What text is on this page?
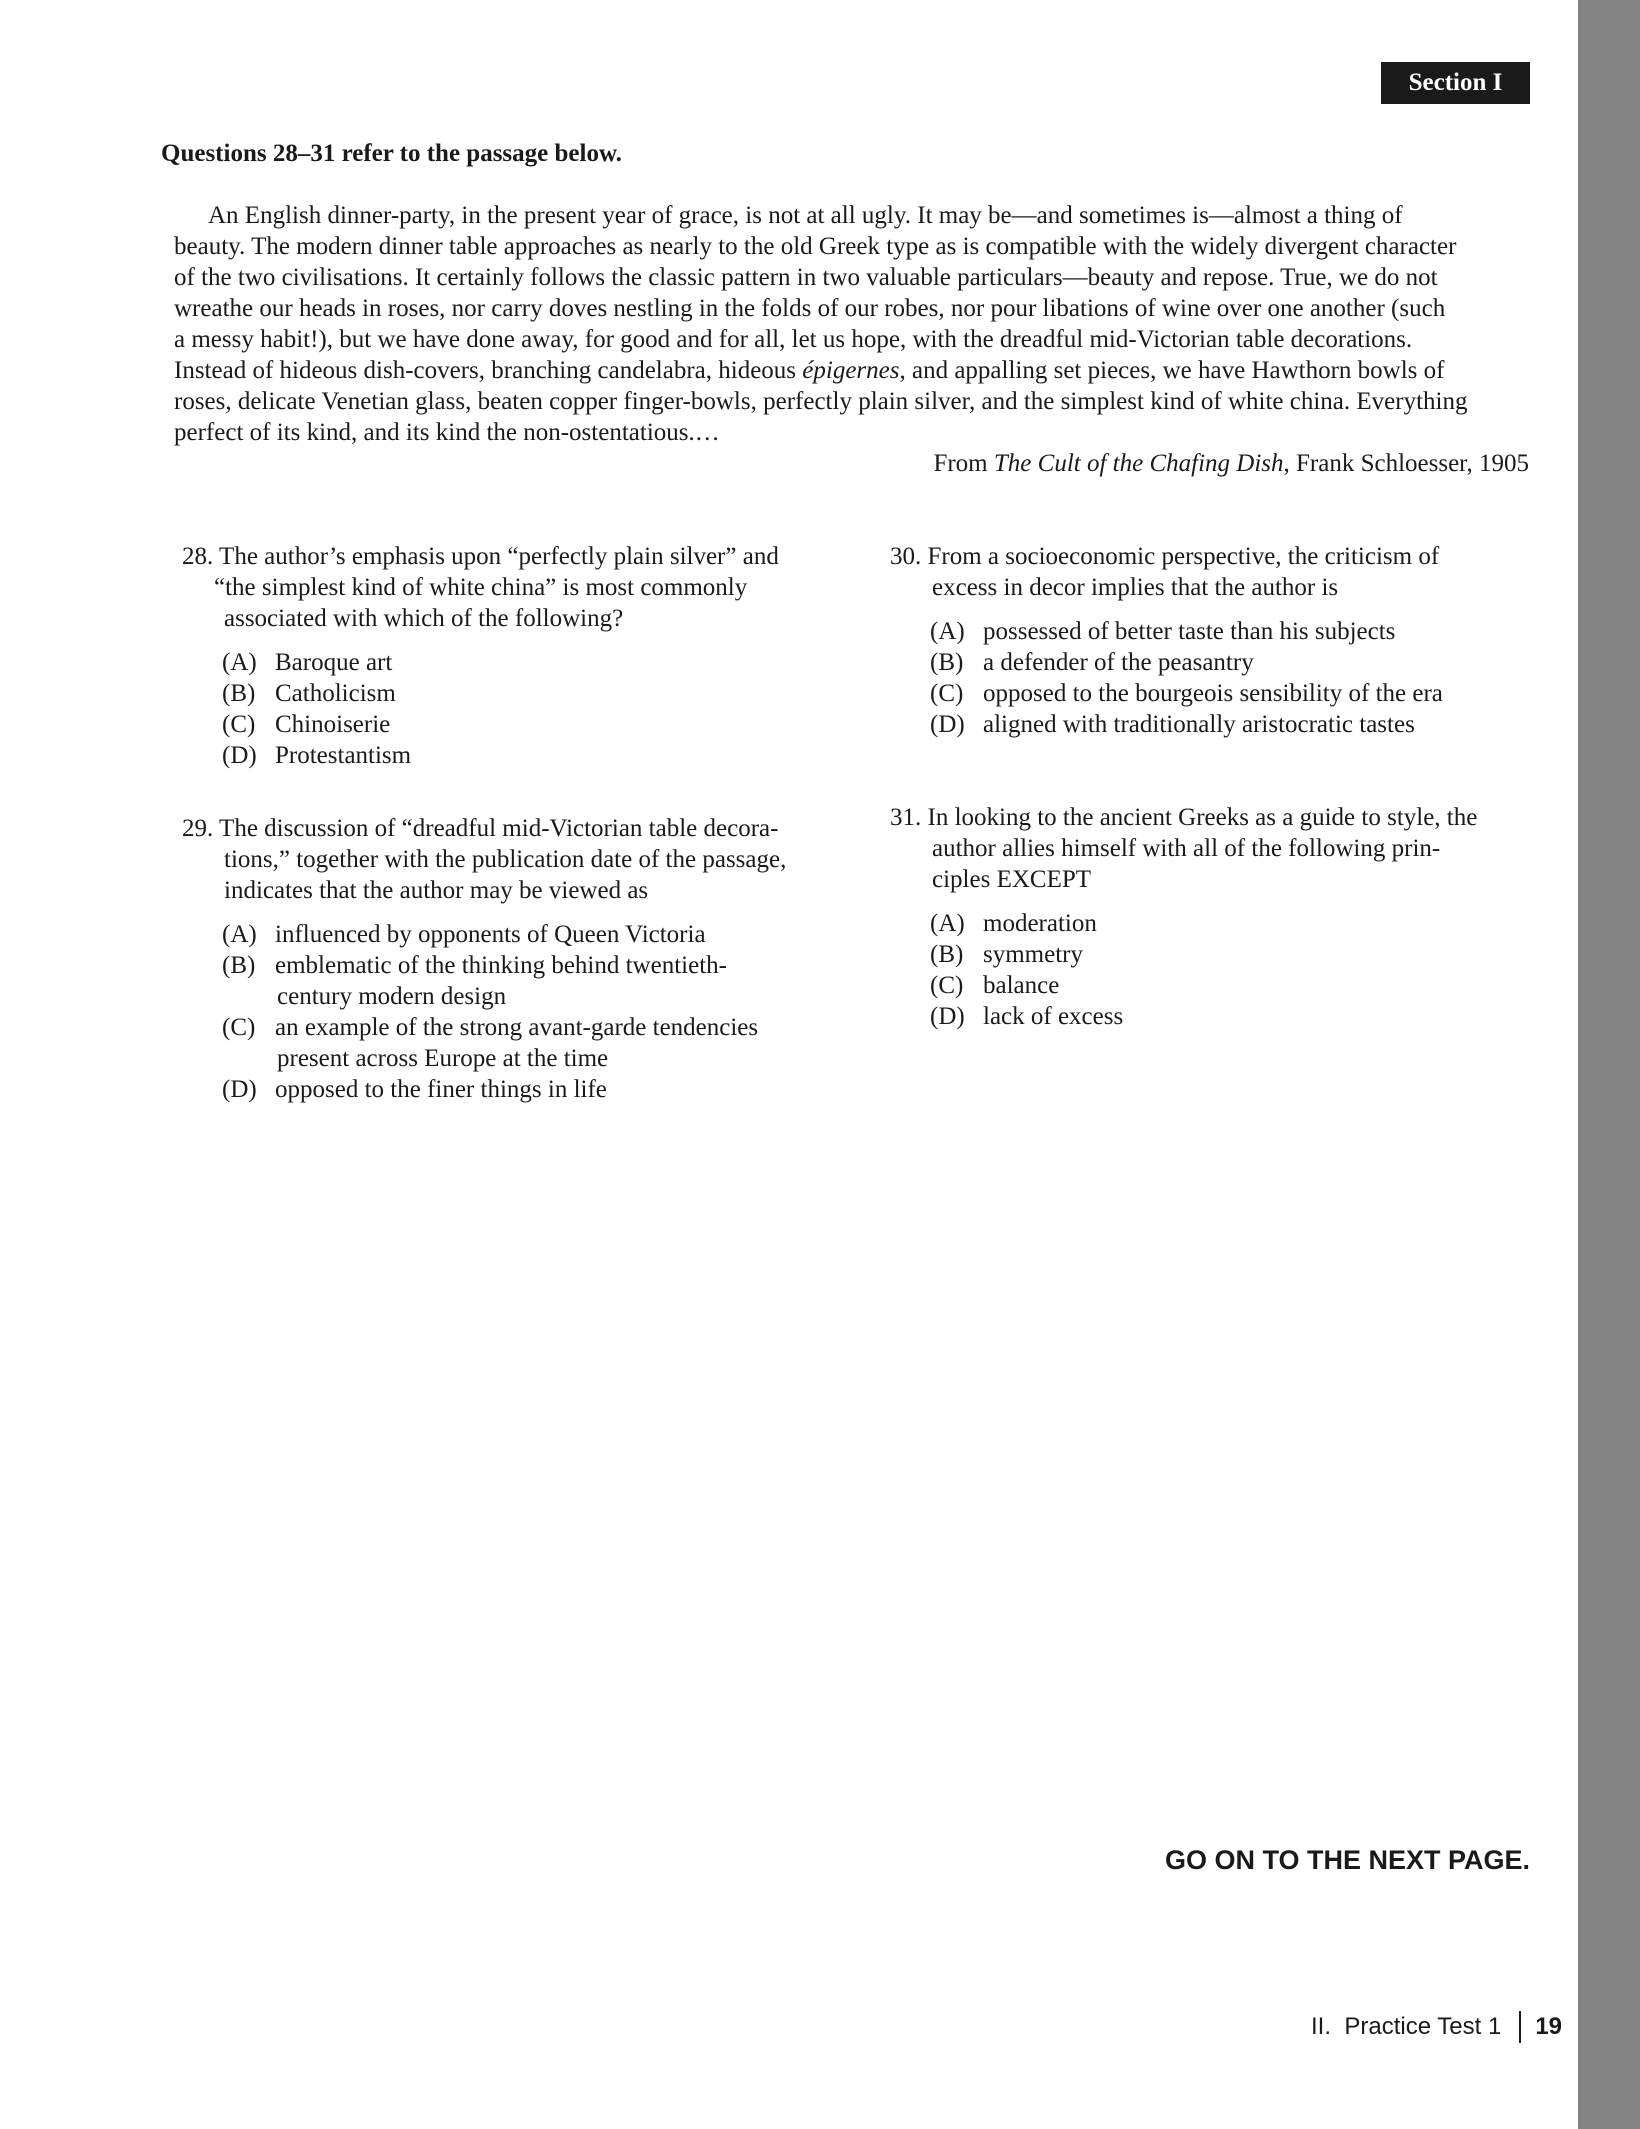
Section I
Questions 28–31 refer to the passage below.
An English dinner-party, in the present year of grace, is not at all ugly. It may be—and sometimes is—almost a thing of
beauty. The modern dinner table approaches as nearly to the old Greek type as is compatible with the widely divergent character
of the two civilisations. It certainly follows the classic pattern in two valuable particulars—beauty and repose. True, we do not
wreathe our heads in roses, nor carry doves nestling in the folds of our robes, nor pour libations of wine over one another (such
a messy habit!), but we have done away, for good and for all, let us hope, with the dreadful mid-Victorian table decorations.
Instead of hideous dish-covers, branching candelabra, hideous épigernes, and appalling set pieces, we have Hawthorn bowls of
roses, delicate Venetian glass, beaten copper finger-bowls, perfectly plain silver, and the simplest kind of white china. Everything
perfect of its kind, and its kind the non-ostentatious.…
From The Cult of the Chafing Dish, Frank Schloesser, 1905
28. The author’s emphasis upon “perfectly plain silver” and
“the simplest kind of white china” is most commonly
associated with which of the following?
(A) Baroque art
(B) Catholicism
(C) Chinoiserie
(D) Protestantism
29. The discussion of “dreadful mid-Victorian table decora-
tions,” together with the publication date of the passage,
indicates that the author may be viewed as
(A) influenced by opponents of Queen Victoria
(B) emblematic of the thinking behind twentieth-
century modern design
(C) an example of the strong avant-garde tendencies
present across Europe at the time
(D) opposed to the finer things in life
30. From a socioeconomic perspective, the criticism of
excess in decor implies that the author is
(A) possessed of better taste than his subjects
(B) a defender of the peasantry
(C) opposed to the bourgeois sensibility of the era
(D) aligned with traditionally aristocratic tastes
31. In looking to the ancient Greeks as a guide to style, the
author allies himself with all of the following prin-
ciples EXCEPT
(A) moderation
(B) symmetry
(C) balance
(D) lack of excess
GO ON TO THE NEXT PAGE.
II.  Practice Test 1 19
